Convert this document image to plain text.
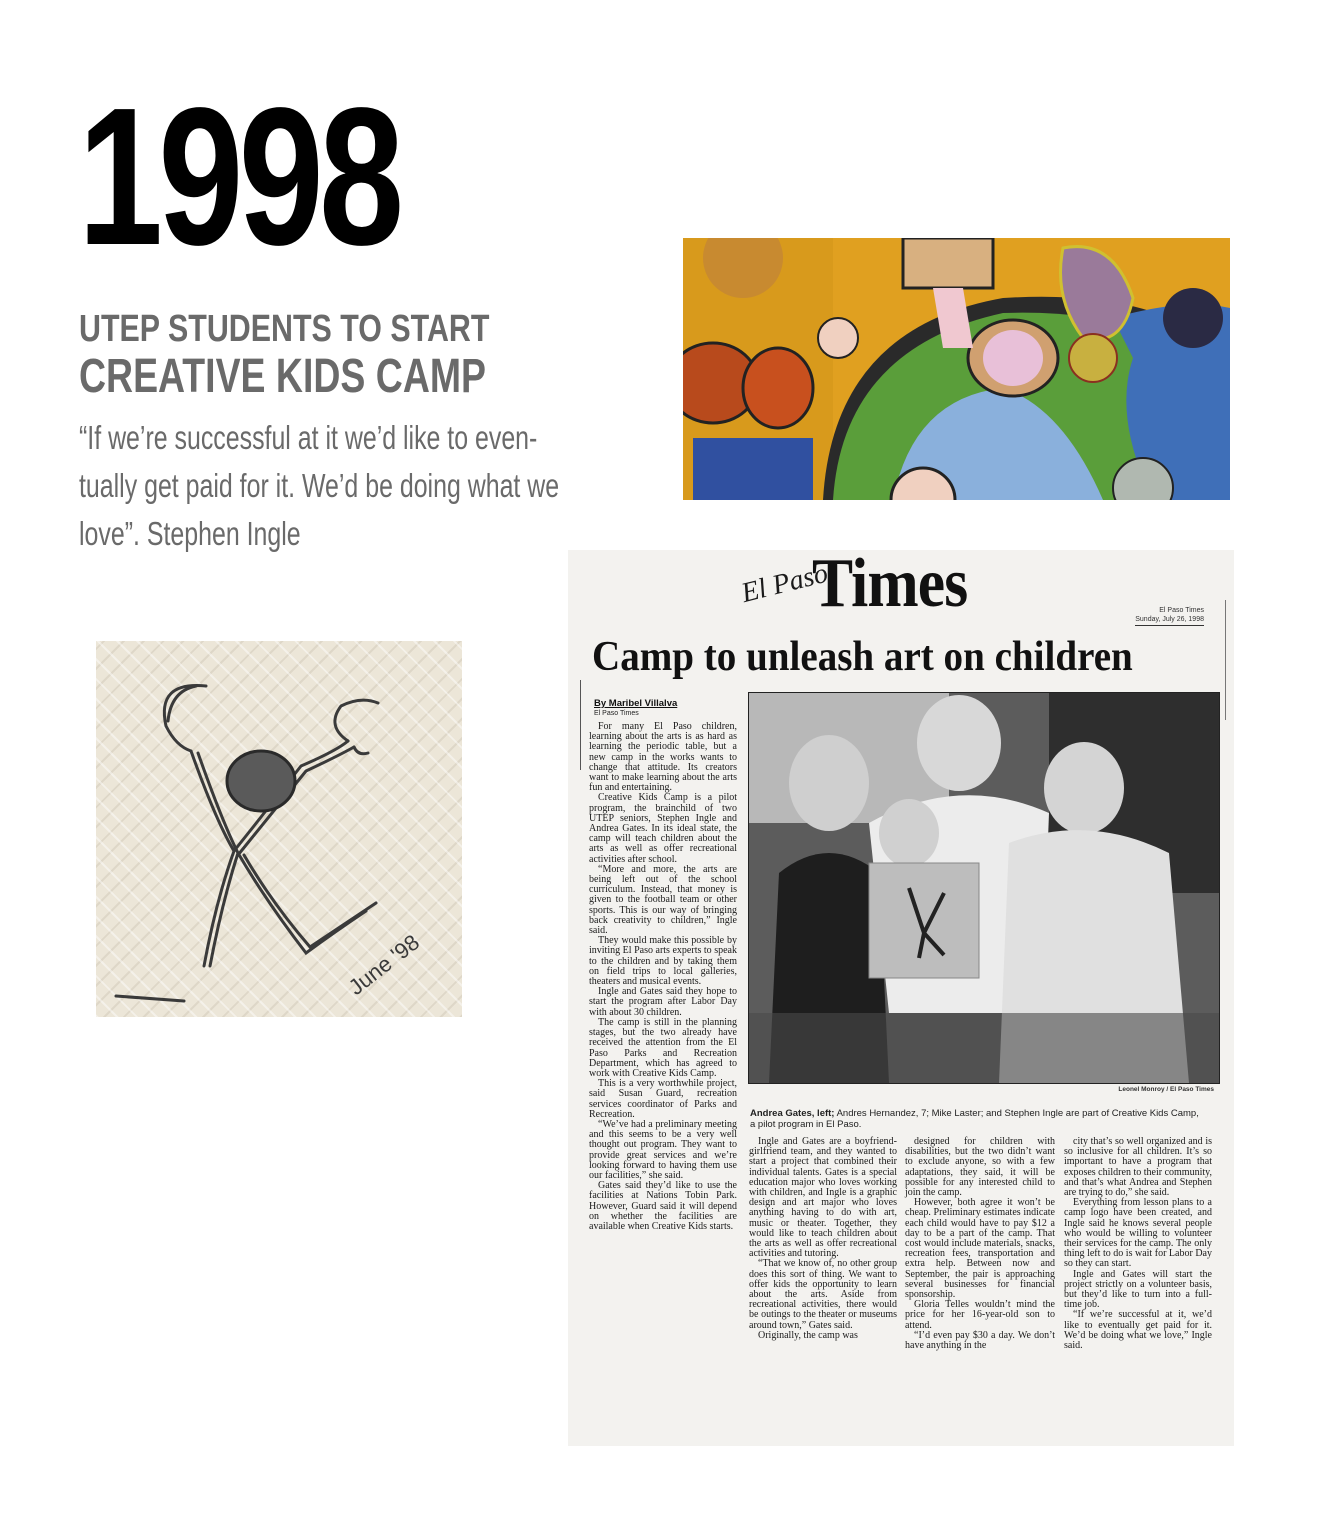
1998
UTEP STUDENTS TO START
CREATIVE KIDS CAMP
“If we’re successful at it we’d like to even-
tually get paid for it. We’d be doing what we
love”. Stephen Ingle
June '98
El Paso
Times	El Paso Times
Sunday, July 26, 1998
Camp to unleash art on children
By Maribel Villalva
El Paso Times

For many El Paso children, learning about the arts is as hard as learning the periodic table, but a new camp in the works wants to change that attitude. Its creators want to make learning about the arts fun and entertaining.

Creative Kids Camp is a pilot program, the brainchild of two UTEP seniors, Stephen Ingle and Andrea Gates. In its ideal state, the camp will teach children about the arts as well as offer recreational activities after school.

“More and more, the arts are being left out of the school curriculum. Instead, that money is given to the football team or other sports. This is our way of bringing back creativity to children,” Ingle said.

They would make this possible by inviting El Paso arts experts to speak to the children and by taking them on field trips to local galleries, theaters and musical events.

Ingle and Gates said they hope to start the program after Labor Day with about 30 children.

The camp is still in the planning stages, but the two already have received the attention from the El Paso Parks and Recreation Department, which has agreed to work with Creative Kids Camp.

This is a very worthwhile project, said Susan Guard, recreation services coordinator of Parks and Recreation.

“We’ve had a preliminary meeting and this seems to be a very well thought out program. They want to provide great services and we’re looking forward to having them use our facilities,” she said.

Gates said they’d like to use the facilities at Nations Tobin Park. However, Guard said it will depend on whether the facilities are available when Creative Kids starts.

Leonel Monroy / El Paso Times
Andrea Gates, left; Andres Hernandez, 7; Mike Laster; and Stephen Ingle are part of Creative Kids Camp, a pilot program in El Paso.

Ingle and Gates are a boyfriend-girlfriend team, and they wanted to start a project that combined their individual talents. Gates is a special education major who loves working with children, and Ingle is a graphic design and art major who loves anything having to do with art, music or theater. Together, they would like to teach children about the arts as well as offer recreational activities and tutoring.

“That we know of, no other group does this sort of thing. We want to offer kids the opportunity to learn about the arts. Aside from recreational activities, there would be outings to the theater or museums around town,” Gates said.

Originally, the camp was

designed for children with disabilities, but the two didn’t want to exclude anyone, so with a few adaptations, they said, it will be possible for any interested child to join the camp.

However, both agree it won’t be cheap. Preliminary estimates indicate each child would have to pay $12 a day to be a part of the camp. That cost would include materials, snacks, recreation fees, transportation and extra help. Between now and September, the pair is approaching several businesses for financial sponsorship.

Gloria Telles wouldn’t mind the price for her 16-year-old son to attend.

“I’d even pay $30 a day. We don’t have anything in the

city that’s so well organized and is so inclusive for all children. It’s so important to have a program that exposes children to their community, and that’s what Andrea and Stephen are trying to do,” she said.

Everything from lesson plans to a camp logo have been created, and Ingle said he knows several people who would be willing to volunteer their services for the camp. The only thing left to do is wait for Labor Day so they can start.

Ingle and Gates will start the project strictly on a volunteer basis, but they’d like to turn into a full-time job.

“If we’re successful at it, we’d like to eventually get paid for it. We’d be doing what we love,” Ingle said.
